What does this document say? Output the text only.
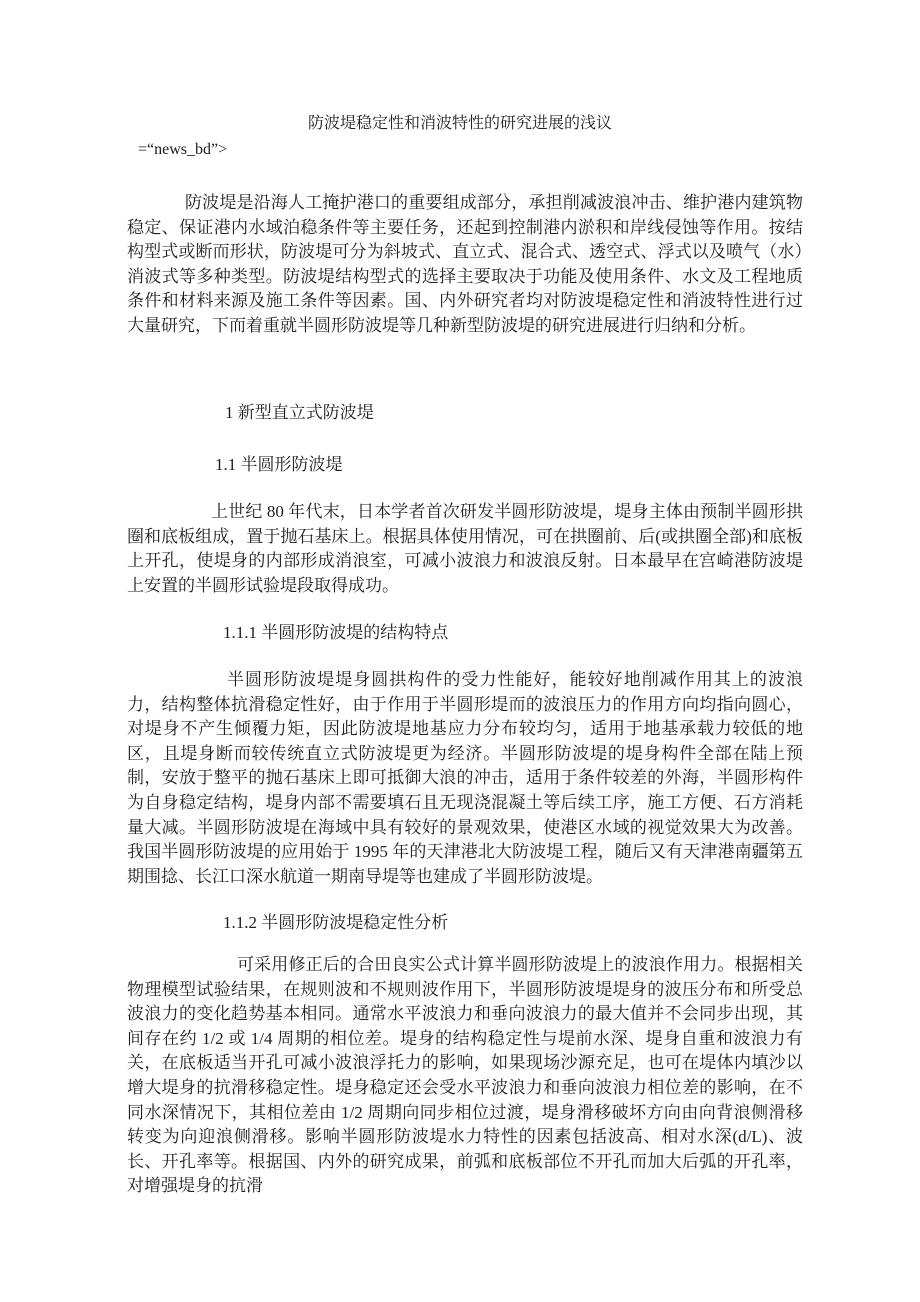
防波堤稳定性和消波特性的研究进展的浅议
=“news_bd”>
防波堤是沿海人工掩护港口的重要组成部分，承担削减波浪冲击、维护港内建筑物稳定、保证港内水域泊稳条件等主要任务，还起到控制港内淤积和岸线侵蚀等作用。按结构型式或断而形状，防波堤可分为斜坡式、直立式、混合式、透空式、浮式以及喷气（水）消波式等多种类型。防波堤结构型式的选择主要取决于功能及使用条件、水文及工程地质条件和材料来源及施工条件等因素。国、内外研究者均对防波堤稳定性和消波特性进行过大量研究，下而着重就半圆形防波堤等几种新型防波堤的研究进展进行归纳和分析。
1 新型直立式防波堤
1.1 半圆形防波堤
上世纪 80 年代末，日本学者首次研发半圆形防波堤，堤身主体由预制半圆形拱圈和底板组成，置于抛石基床上。根据具体使用情况，可在拱圈前、后(或拱圈全部)和底板上开孔，使堤身的内部形成消浪室，可减小波浪力和波浪反射。日本最早在宫崎港防波堤上安置的半圆形试验堤段取得成功。
1.1.1 半圆形防波堤的结构特点
半圆形防波堤堤身圆拱构件的受力性能好，能较好地削减作用其上的波浪力，结构整体抗滑稳定性好，由于作用于半圆形堤而的波浪压力的作用方向均指向圆心，对堤身不产生倾覆力矩，因此防波堤地基应力分布较均匀，适用于地基承载力较低的地区，且堤身断而较传统直立式防波堤更为经济。半圆形防波堤的堤身构件全部在陆上预制，安放于整平的抛石基床上即可抵御大浪的冲击，适用于条件较差的外海，半圆形构件为自身稳定结构，堤身内部不需要填石且无现浇混凝土等后续工序，施工方便、石方消耗量大减。半圆形防波堤在海域中具有较好的景观效果，使港区水域的视觉效果大为改善。我国半圆形防波堤的应用始于 1995 年的天津港北大防波堤工程，随后又有天津港南疆第五期围捻、长江口深水航道一期南导堤等也建成了半圆形防波堤。
1.1.2 半圆形防波堤稳定性分析
可采用修正后的合田良实公式计算半圆形防波堤上的波浪作用力。根据相关物理模型试验结果，在规则波和不规则波作用下，半圆形防波堤堤身的波压分布和所受总波浪力的变化趋势基本相同。通常水平波浪力和垂向波浪力的最大值并不会同步出现，其间存在约 1/2 或 1/4 周期的相位差。堤身的结构稳定性与堤前水深、堤身自重和波浪力有关，在底板适当开孔可减小波浪浮托力的影响，如果现场沙源充足，也可在堤体内填沙以增大堤身的抗滑移稳定性。堤身稳定还会受水平波浪力和垂向波浪力相位差的影响，在不同水深情况下，其相位差由 1/2 周期向同步相位过渡，堤身滑移破坏方向由向背浪侧滑移转变为向迎浪侧滑移。影响半圆形防波堤水力特性的因素包括波高、相对水深(d/L)、波长、开孔率等。根据国、内外的研究成果，前弧和底板部位不开孔而加大后弧的开孔率，对增强堤身的抗滑
